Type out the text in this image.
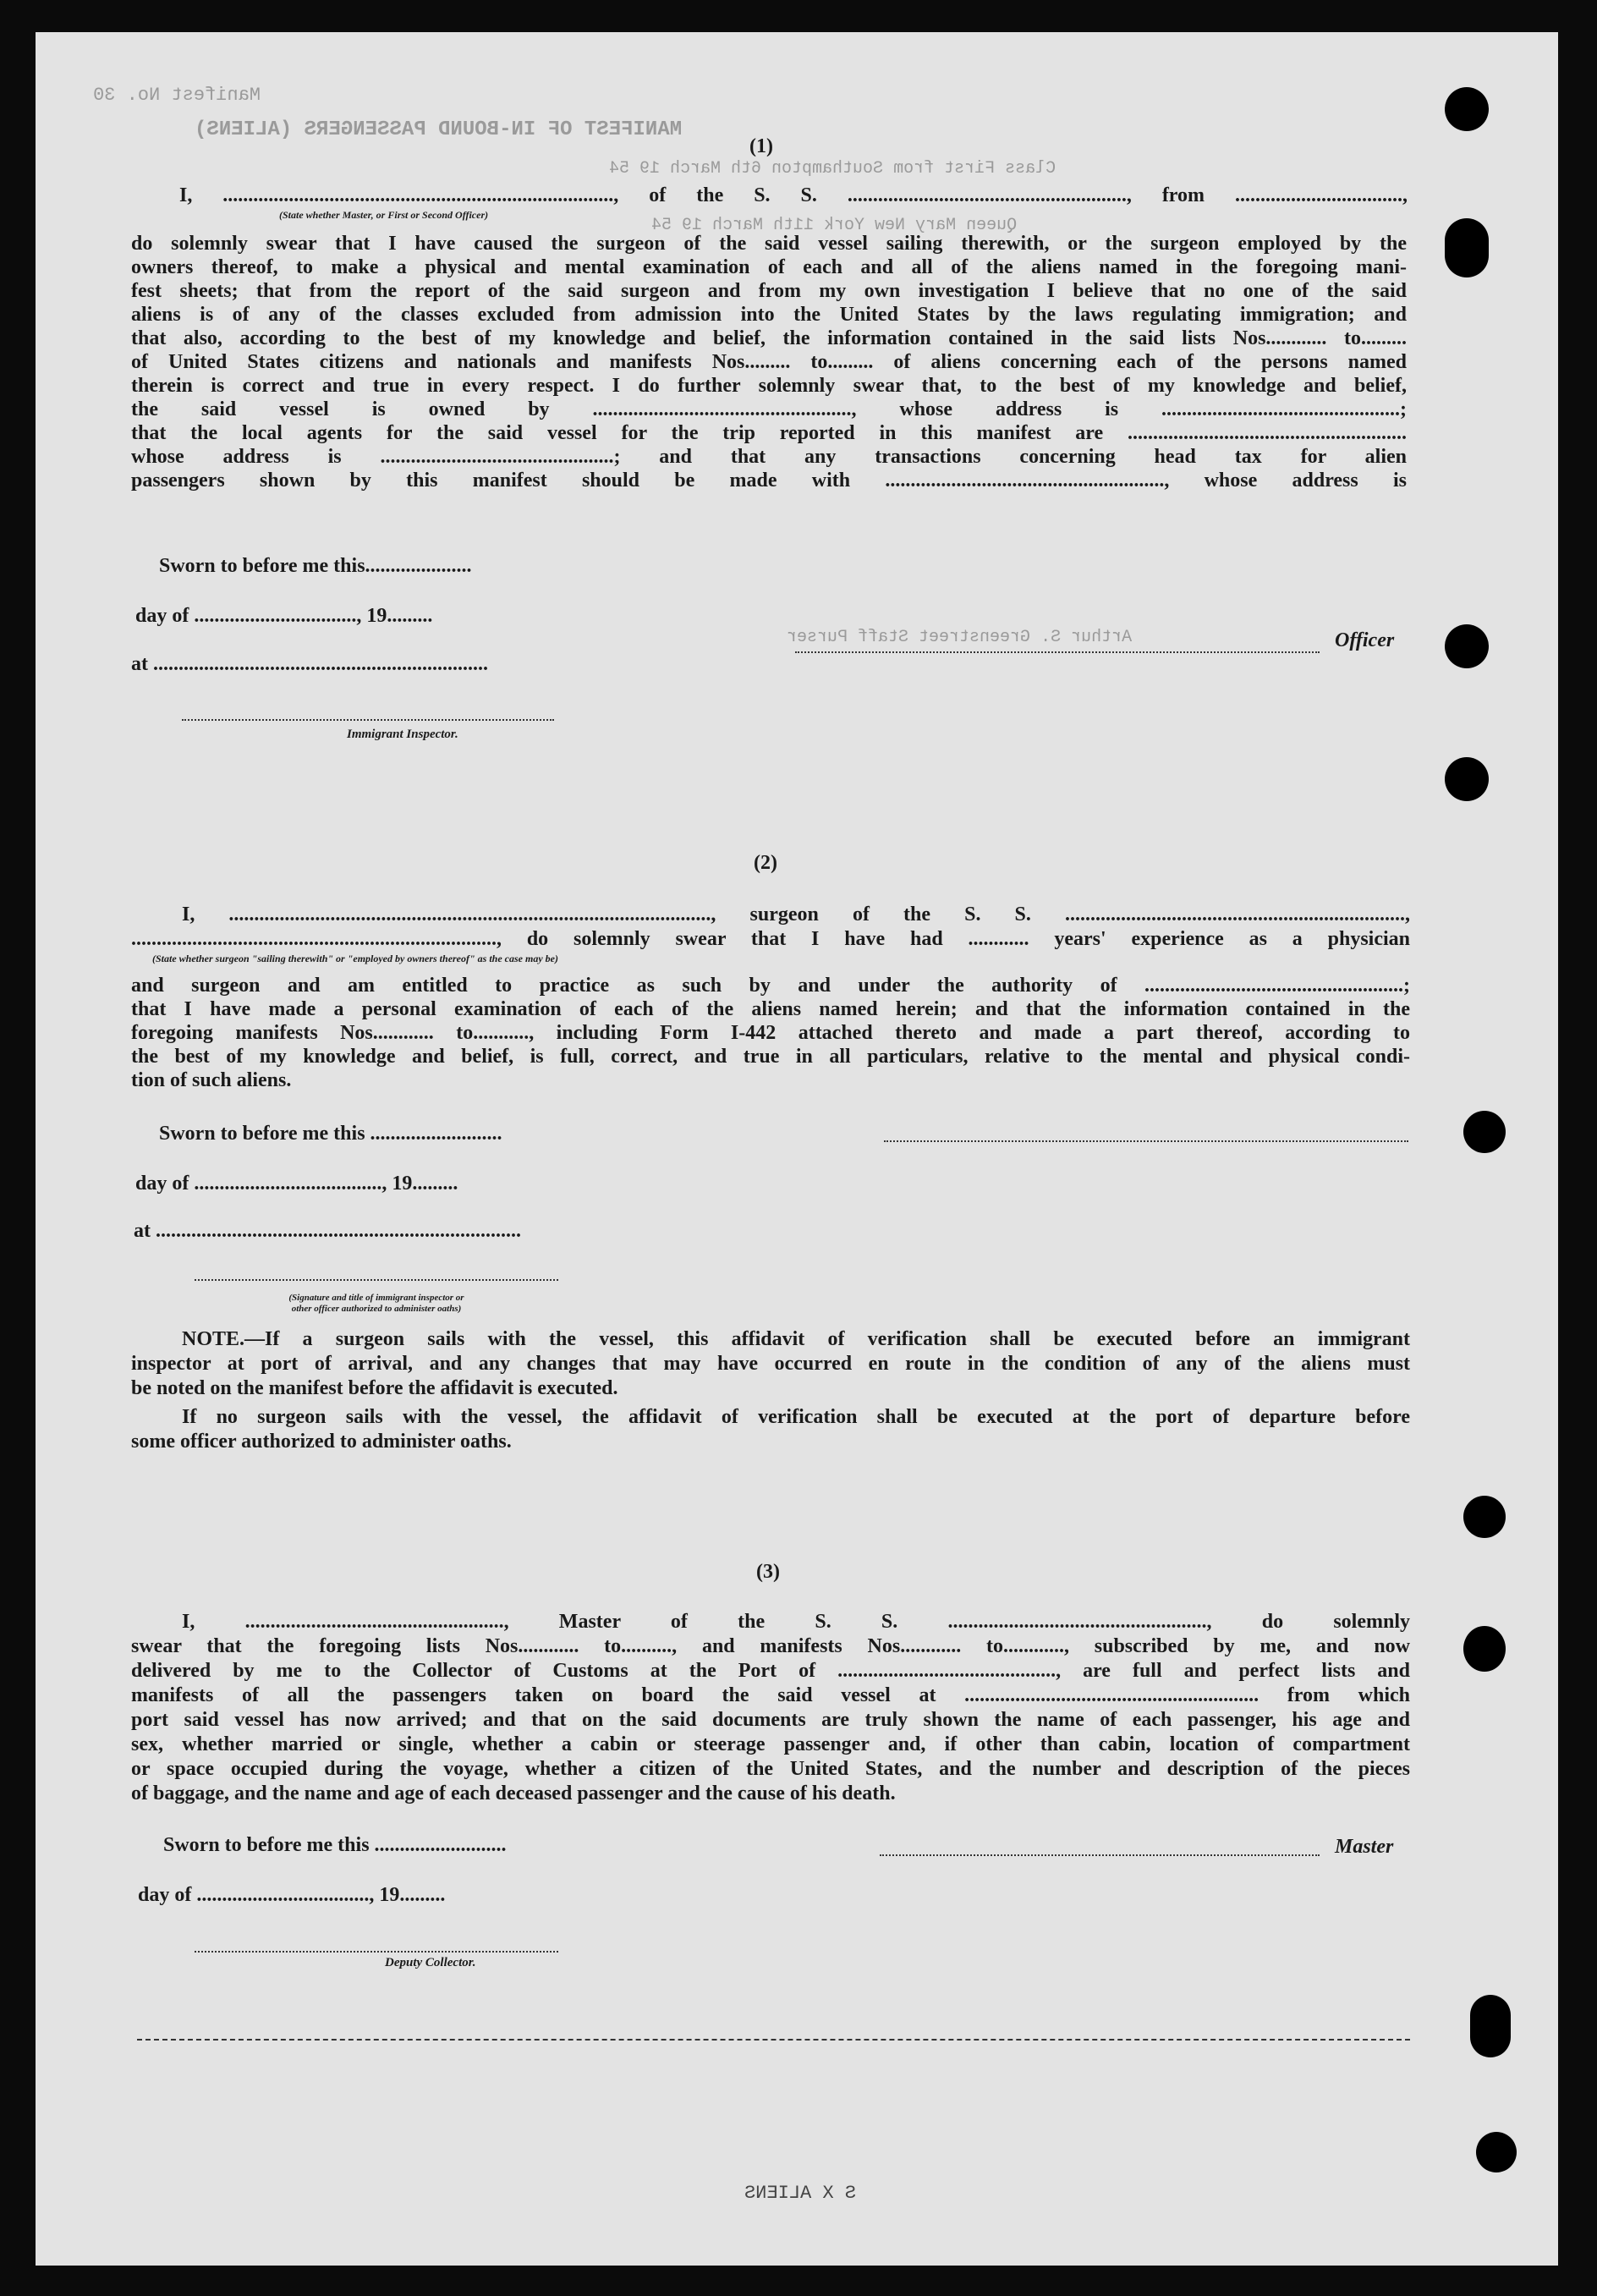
Manifest No. 30
MANIFEST OF IN-BOUND PASSENGERS (ALIENS)
Class First from Southampton 6th March 19 54
Queen Mary New York 11th March 19 54
Arthur S. Greenstreet Staff Purser
S X ALIENS
(1)
I, ............................................................................., of the S. S. ......................................................., from .................................,
(State whether Master, or First or Second Officer)
do solemnly swear that I have caused the surgeon of the said vessel sailing therewith, or the surgeon employed by the
owners thereof, to make a physical and mental examination of each and all of the aliens named in the foregoing mani-
fest sheets; that from the report of the said surgeon and from my own investigation I believe that no one of the said
aliens is of any of the classes excluded from admission into the United States by the laws regulating immigration; and
that also, according to the best of my knowledge and belief, the information contained in the said lists Nos............ to.........
of United States citizens and nationals and manifests Nos......... to......... of aliens concerning each of the persons named
therein is correct and true in every respect. I do further solemnly swear that, to the best of my knowledge and belief,
the said vessel is owned by ..................................................., whose address is ...............................................;
that the local agents for the said vessel for the trip reported in this manifest are .......................................................
whose address is ..............................................; and that any transactions concerning head tax for alien
passengers shown by this manifest should be made with ......................................................., whose address is
Sworn to before me this.....................
day of ................................, 19.........
Officer
at ..................................................................
Immigrant Inspector.
(2)
I, ..............................................................................................., surgeon of the S. S. ...................................................................,
........................................................................, do solemnly swear that I have had ............ years' experience as a physician
(State whether surgeon "sailing therewith" or "employed by owners thereof" as the case may be)
and surgeon and am entitled to practice as such by and under the authority of ...................................................;
that I have made a personal examination of each of the aliens named herein; and that the information contained in the
foregoing manifests Nos............ to..........., including Form I-442 attached thereto and made a part thereof, according to
the best of my knowledge and belief, is full, correct, and true in all particulars, relative to the mental and physical condi-
tion of such aliens.
Sworn to before me this ..........................
day of ....................................., 19.........
at ........................................................................
(Signature and title of immigrant inspector or
other officer authorized to administer oaths)
NOTE.—If a surgeon sails with the vessel, this affidavit of verification shall be executed before an immigrant
inspector at port of arrival, and any changes that may have occurred en route in the condition of any of the aliens must
be noted on the manifest before the affidavit is executed.
If no surgeon sails with the vessel, the affidavit of verification shall be executed at the port of departure before
some officer authorized to administer oaths.
(3)
I, ..................................................., Master of the S. S. ..................................................., do solemnly
swear that the foregoing lists Nos............ to.........., and manifests Nos............ to............, subscribed by me, and now
delivered by me to the Collector of Customs at the Port of ..........................................., are full and perfect lists and
manifests of all the passengers taken on board the said vessel at .......................................................... from which
port said vessel has now arrived; and that on the said documents are truly shown the name of each passenger, his age and
sex, whether married or single, whether a cabin or steerage passenger and, if other than cabin, location of compartment
or space occupied during the voyage, whether a citizen of the United States, and the number and description of the pieces
of baggage, and the name and age of each deceased passenger and the cause of his death.
Sworn to before me this ..........................	Master
day of .................................., 19.........
Deputy Collector.
